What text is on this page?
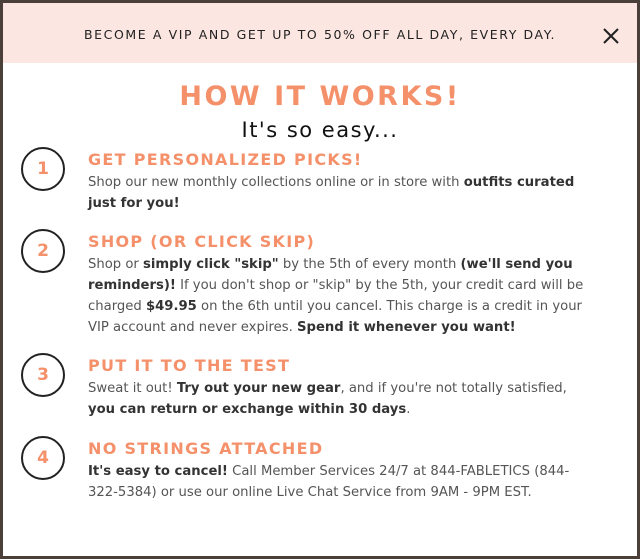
BECOME A VIP AND GET UP TO 50% OFF ALL DAY, EVERY DAY.
HOW IT WORKS!
It's so easy...
1	GET PERSONALIZED PICKS!
Shop our new monthly collections online or in store with outfits curated just for you!
2	SHOP (OR CLICK SKIP)
Shop or simply click "skip" by the 5th of every month (we'll send you reminders)! If you don't shop or "skip" by the 5th, your credit card will be charged $49.95 on the 6th until you cancel. This charge is a credit in your VIP account and never expires. Spend it whenever you want!
3	PUT IT TO THE TEST
Sweat it out! Try out your new gear, and if you're not totally satisfied, you can return or exchange within 30 days.
4	NO STRINGS ATTACHED
It's easy to cancel! Call Member Services 24/7 at 844-FABLETICS (844-322-5384) or use our online Live Chat Service from 9AM - 9PM EST.
